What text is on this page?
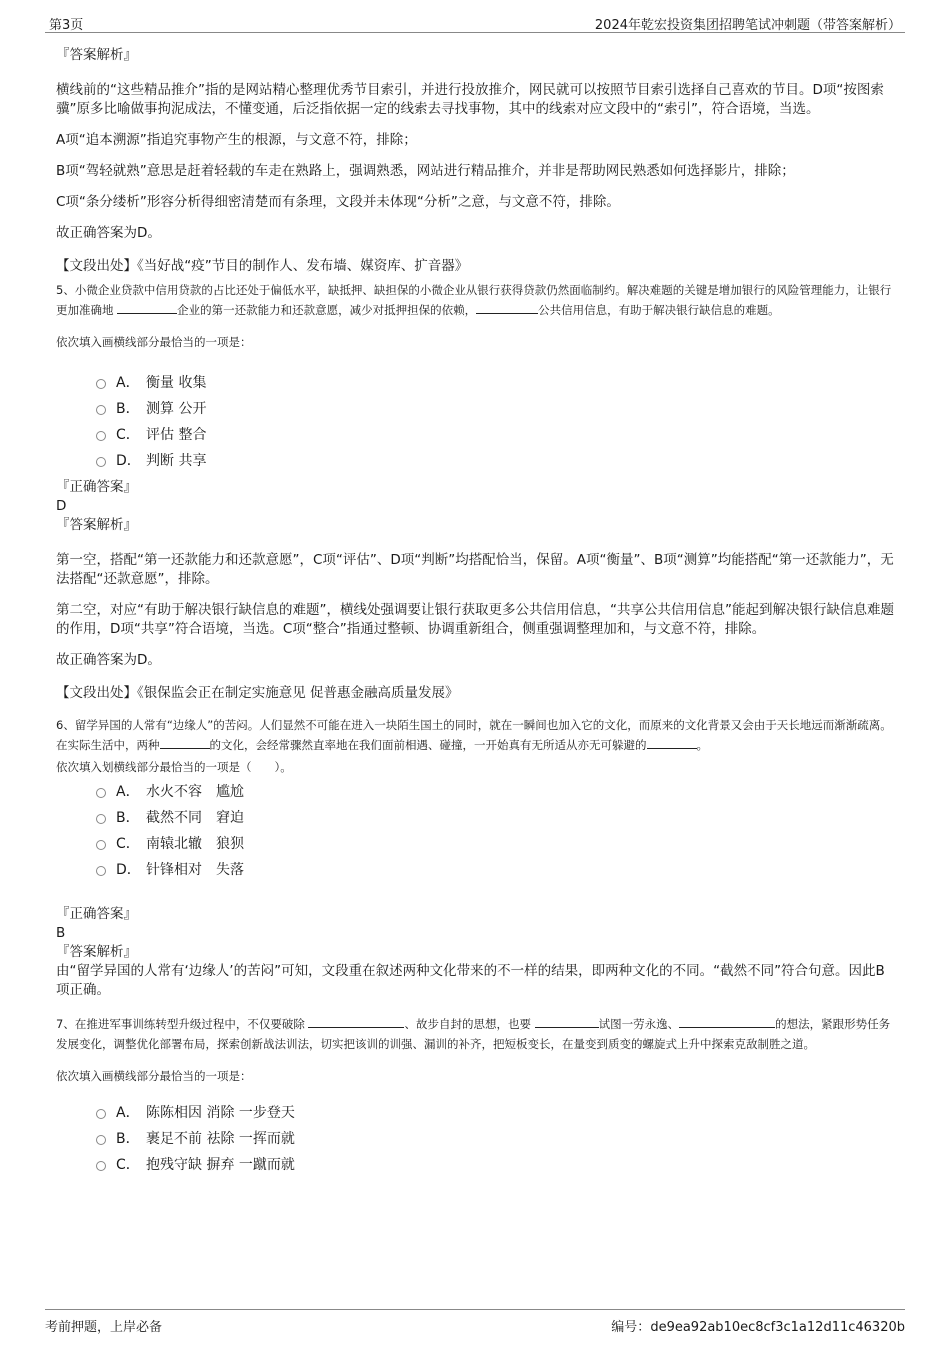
第3页	2024年乾宏投资集团招聘笔试冲刺题（带答案解析）

『答案解析』

横线前的“这些精品推介”指的是网站精心整理优秀节目索引，并进行投放推介，网民就可以按照节目索引选择自己喜欢的节目。D项“按图索骥”原多比喻做事拘泥成法，不懂变通，后泛指依据一定的线索去寻找事物，其中的线索对应文段中的“索引”，符合语境，当选。

A项“追本溯源”指追究事物产生的根源，与文意不符，排除；

B项“驾轻就熟”意思是赶着轻载的车走在熟路上，强调熟悉，网站进行精品推介，并非是帮助网民熟悉如何选择影片，排除；

C项“条分缕析”形容分析得细密清楚而有条理，文段并未体现“分析”之意，与文意不符，排除。

故正确答案为D。

【文段出处】《当好战“疫”节目的制作人、发布墙、媒资库、扩音器》

5、小微企业贷款中信用贷款的占比还处于偏低水平，缺抵押、缺担保的小微企业从银行获得贷款仍然面临制约。解决难题的关键是增加银行的风险管理能力，让银行更加准确地	企业的第一还款能力和还款意愿，减少对抵押担保的依赖，	公共信用信息，有助于解决银行缺信息的难题。

依次填入画横线部分最恰当的一项是：

A． 衡量 收集
B． 测算 公开
C． 评估 整合
D． 判断 共享

『正确答案』

D

『答案解析』

第一空，搭配“第一还款能力和还款意愿”，C项“评估”、D项“判断”均搭配恰当，保留。A项“衡量”、B项“测算”均能搭配“第一还款能力”，无法搭配“还款意愿”，排除。

第二空，对应“有助于解决银行缺信息的难题”，横线处强调要让银行获取更多公共信用信息，“共享公共信用信息”能起到解决银行缺信息难题的作用，D项“共享”符合语境，当选。C项“整合”指通过整顿、协调重新组合，侧重强调整理加和，与文意不符，排除。

故正确答案为D。

【文段出处】《银保监会正在制定实施意见 促普惠金融高质量发展》

6、留学异国的人常有“边缘人”的苦闷。人们显然不可能在进入一块陌生国土的同时，就在一瞬间也加入它的文化，而原来的文化背景又会由于天长地远而渐渐疏离。在实际生活中，两种	的文化，会经常骤然直率地在我们面前相遇、碰撞，一开始真有无所适从亦无可躲避的	。

依次填入划横线部分最恰当的一项是（　　）。

A． 水火不容　尴尬
B． 截然不同　窘迫
C． 南辕北辙　狼狈
D． 针锋相对　失落

『正确答案』

B

『答案解析』

由“留学异国的人常有‘边缘人’的苦闷”可知，文段重在叙述两种文化带来的不一样的结果，即两种文化的不同。“截然不同”符合句意。因此B项正确。

7、在推进军事训练转型升级过程中，不仅要破除	、故步自封的思想，也要	试图一劳永逸、	的想法，紧跟形势任务发展变化，调整优化部署布局，探索创新战法训法，切实把该训的训强、漏训的补齐，把短板变长，在量变到质变的螺旋式上升中探索克敌制胜之道。

依次填入画横线部分最恰当的一项是：

A． 陈陈相因 消除 一步登天
B． 裹足不前 祛除 一挥而就
C． 抱残守缺 摒弃 一蹴而就
考前押题，上岸必备	编号：de9ea92ab10ec8cf3c1a12d11c46320b
